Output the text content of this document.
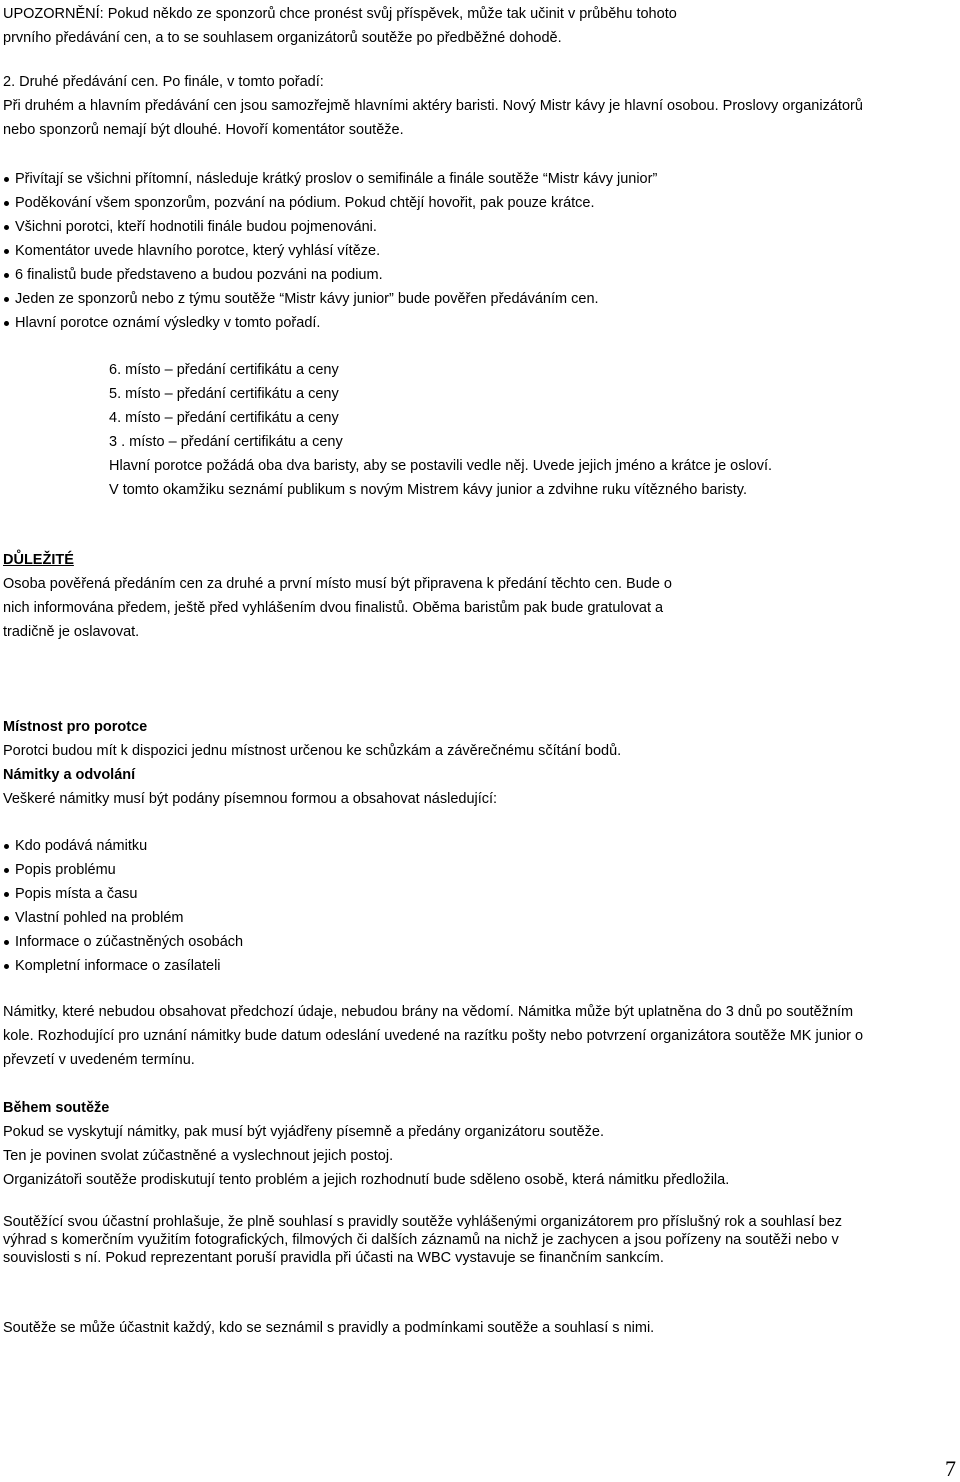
UPOZORNĚNÍ: Pokud někdo ze sponzorů chce pronést svůj příspěvek, může tak učinit v průběhu tohoto
prvního předávání cen, a to se souhlasem organizátorů soutěže po předběžné dohodě.
2. Druhé předávání cen. Po finále, v tomto pořadí:
Při druhém a hlavním předávání cen jsou samozřejmě hlavními aktéry baristi. Nový Mistr kávy je hlavní osobou. Proslovy organizátorů
nebo sponzorů nemají být dlouhé. Hovoří komentátor soutěže.
Přivítají se všichni přítomní, následuje krátký proslov o semifinále a finále soutěže “Mistr kávy junior”
Poděkování všem sponzorům, pozvání na pódium. Pokud chtějí hovořit, pak pouze krátce.
Všichni porotci, kteří hodnotili finále budou pojmenováni.
Komentátor uvede hlavního porotce, který vyhlásí vítěze.
6 finalistů bude představeno a budou pozváni na podium.
Jeden ze sponzorů nebo z týmu soutěže “Mistr kávy junior” bude pověřen předáváním cen.
Hlavní porotce oznámí výsledky v tomto pořadí.
6. místo – předání certifikátu a ceny
5. místo – předání certifikátu a ceny
4. místo – předání certifikátu a ceny
3 . místo – předání certifikátu a ceny
Hlavní porotce požádá oba dva baristy, aby se postavili vedle něj. Uvede jejich jméno a krátce je osloví.
V tomto okamžiku seznámí publikum s novým Mistrem kávy junior a zdvihne ruku vítězného baristy.
DŮLEŽITÉ
Osoba pověřená předáním cen za druhé a první místo musí být připravena k předání těchto cen. Bude o
nich informována předem, ještě před vyhlášením dvou finalistů. Oběma baristům pak bude gratulovat a
tradičně je oslavovat.
Místnost pro porotce
Porotci budou mít k dispozici jednu místnost určenou ke schůzkám a závěrečnému sčítání bodů.
Námitky a odvolání
Veškeré námitky musí být podány písemnou formou a obsahovat následující:
Kdo podává námitku
Popis problému
Popis místa a času
Vlastní pohled na problém
Informace o zúčastněných osobách
Kompletní informace o zasílateli
Námitky, které nebudou obsahovat předchozí údaje, nebudou brány na vědomí. Námitka může být uplatněna do 3 dnů po soutěžním
kole. Rozhodující pro uznání námitky bude datum odeslání uvedené na razítku pošty nebo potvrzení organizátora soutěže MK junior o
převzetí v uvedeném termínu.
Během soutěže
Pokud se vyskytují námitky, pak musí být vyjádřeny písemně a předány organizátoru soutěže.
Ten je povinen svolat zúčastněné a vyslechnout jejich postoj.
Organizátoři soutěže prodiskutují tento problém a jejich rozhodnutí bude sděleno osobě, která námitku předložila.
Soutěžící svou účastní prohlašuje, že plně souhlasí s pravidly soutěže vyhlášenými organizátorem pro příslušný rok a souhlasí bez
výhrad s komerčním využitím fotografických, filmových či dalších záznamů na nichž je zachycen a jsou pořízeny na soutěži nebo v
souvislosti s ní. Pokud reprezentant poruší pravidla při účasti na WBC vystavuje se finančním sankcím.
Soutěže se může účastnit každý, kdo se seznámil s pravidly a podmínkami soutěže a souhlasí s nimi.
7
